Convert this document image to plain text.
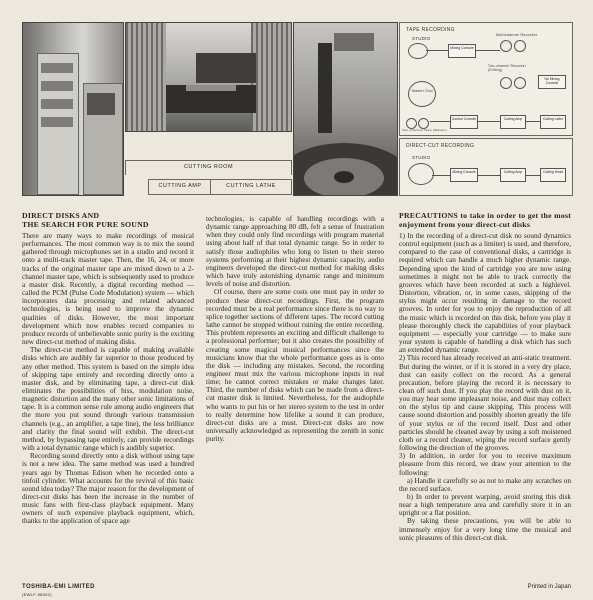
CUTTING ROOM
CUTTING AMP	CUTTING LATHE
TAPE RECORDING
STUDIO
Mixing Console
Multichannel Recorder
Two-channel Recorder (Editing)
No Mixing Console
Master Disc
Two-channel Tape (Master)
Control Console	Cutting Amp	Cutting Lathe
DIRECT-CUT RECORDING
STUDIO
Mixing Console	Cutting Amp	Cutting Head
DIRECT DISKS AND
THE SEARCH FOR PURE SOUND

There are many ways to make recordings of musical performances. The most common way is to mix the sound gathered through microphones set in a studio and record it onto a multi-track master tape. Then, the 16, 24, or more tracks of the original master tape are mixed down to a 2-channel master tape, which is subsequently used to produce a master disk. Recently, a digital recording method — called the PCM (Pulse Code Modulation) system — which incorporates data processing and related advanced technologies, is being used to improve the dynamic qualities of disks. However, the most important development which now enables record companies to produce records of unbelievable sonic purity is the exciting new direct-cut method of making disks.

The direct-cut method is capable of making available disks which are audibly far superior to those produced by any other method. This system is based on the simple idea of skipping tape entirely and recording directly onto a master disk, and by eliminating tape, a direct-cut disk eliminates the possibilities of hiss, modulation noise, magnetic distortion and the many other sonic limitations of tape. It is a common sense rule among audio engineers that the more you put sound through various transmission channels (e.g., an amplifier, a tape line), the less brilliance and clarity the final sound will exhibit. The direct-cut method, by bypassing tape entirely, can provide recordings with a total dynamic range which is audibly superior.

Recording sound directly onto a disk without using tape is not a new idea. The same method was used a hundred years ago by Thomas Edison when he recorded onto a tinfoil cylinder. What accounts for the revival of this basic sound idea today? The major reason for the development of direct-cut disks has been the increase in the number of music fans with first-class playback equipment. Many owners of such expensive playback equipment, which, thanks to the application of space age

technologies, is capable of handling recordings with a dynamic range approaching 80 dB, felt a sense of frustration when they could only find recordings with program material using about half of that total dynamic range. So in order to satisfy those audiophiles who long to listen to their stereo systems performing at their highest dynamic capacity, audio engineers developed the direct-cut method for making disks which have truly astonishing dynamic range and minimum levels of noise and distortion.

Of course, there are some costs one must pay in order to produce these direct-cut recordings. First, the program recorded must be a real performance since there is no way to splice together sections of different tapes. The record cutting lathe cannot be stopped without ruining the entire recording. This problem represents an exciting and difficult challenge to a professional performer; but it also creates the possibility of creating some magical musical performances since the musicians know that the whole performance goes as is onto the disk — including any mistakes. Second, the recording engineer must mix the various microphone inputs in real time; he cannot correct mistakes or make changes later. Third, the number of disks which can be made from a direct-cut master disk is limited. Nevertheless, for the audiophile who wants to put his or her stereo system to the test in order to really determine how lifelike a sound it can produce, direct-cut disks are a must. Direct-cut disks are now universally acknowledged as representing the zenith in sonic purity.

PRECAUTIONS to take in order to get the most enjoyment from your direct-cut disks

1) In the recording of a direct-cut disk no sound dynamics control equipment (such as a limiter) is used, and therefore, compared to the case of conventional disks, a cartridge is required which can handle a much higher dynamic range. Depending upon the kind of cartridge you are now using sometimes it might not be able to track correctly the grooves which have been recorded at such a highlevel. Distortion, vibration, or, in some cases, skipping of the stylus might occur resulting in damage to the record grooves. In order for you to enjoy the reproduction of all the music which is recorded on this disk, before you play it please thoroughly check the capabilities of your playback equipment — especially your cartridge — to make sure your system is capable of handling a disk which has such an extended dynamic range.

2) This record has already received an anti-static treatment. But during the winter, or if it is stored in a very dry place, dust can easily collect on the record. As a general precaution, before playing the record it is necessary to clean off such dust. If you play the record with dust on it, you may hear some unpleasant noise, and dust may collect on the stylus tip and cause skipping. This process will cause sound distortion and possibly shorten greatly the life of your stylus or of the record itself. Dust and other particles should be cleaned away by using a soft moistened cloth or a record cleaner, wiping the record surface gently following the direction of the grooves.

3) In addition, in order for you to receive maximum pleasure from this record, we draw your attention to the following:

a) Handle it carefully so as not to make any scratches on the record surface.

b) In order to prevent warping, avoid storing this disk near a high temperature area and carefully store it in an upright or a flat position.

By taking these precautions, you will be able to immensely enjoy for a very long time the musical and sonic pleasures of this direct-cut disk.

TOSHIBA-EMI LIMITED
(EWLF-98002)
Printed in Japan
